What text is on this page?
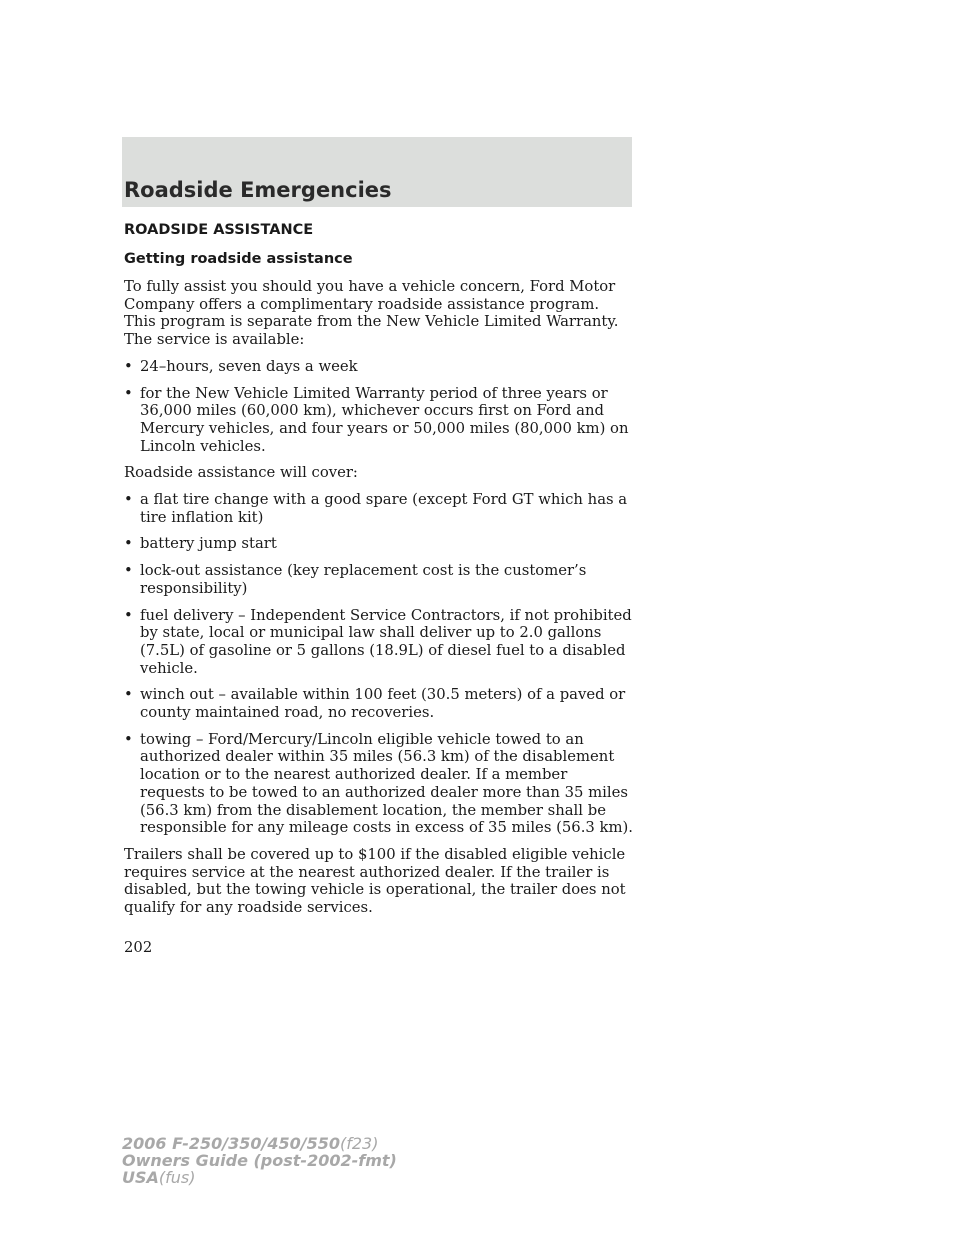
Roadside Emergencies
ROADSIDE ASSISTANCE
Getting roadside assistance

To fully assist you should you have a vehicle concern, Ford Motor Company offers a complimentary roadside assistance program. This program is separate from the New Vehicle Limited Warranty. The service is available:

• 24–hours, seven days a week
• for the New Vehicle Limited Warranty period of three years or 36,000 miles (60,000 km), whichever occurs first on Ford and Mercury vehicles, and four years or 50,000 miles (80,000 km) on Lincoln vehicles.

Roadside assistance will cover:

• a flat tire change with a good spare (except Ford GT which has a tire inflation kit)
• battery jump start
• lock-out assistance (key replacement cost is the customer’s responsibility)
• fuel delivery – Independent Service Contractors, if not prohibited by state, local or municipal law shall deliver up to 2.0 gallons (7.5L) of gasoline or 5 gallons (18.9L) of diesel fuel to a disabled vehicle.
• winch out – available within 100 feet (30.5 meters) of a paved or county maintained road, no recoveries.
• towing – Ford/Mercury/Lincoln eligible vehicle towed to an authorized dealer within 35 miles (56.3 km) of the disablement location or to the nearest authorized dealer. If a member requests to be towed to an authorized dealer more than 35 miles (56.3 km) from the disablement location, the member shall be responsible for any mileage costs in excess of 35 miles (56.3 km).

Trailers shall be covered up to $100 if the disabled eligible vehicle requires service at the nearest authorized dealer. If the trailer is disabled, but the towing vehicle is operational, the trailer does not qualify for any roadside services.

202
2006 F-250/350/450/550(f23)
Owners Guide (post-2002-fmt)
USA(fus)
